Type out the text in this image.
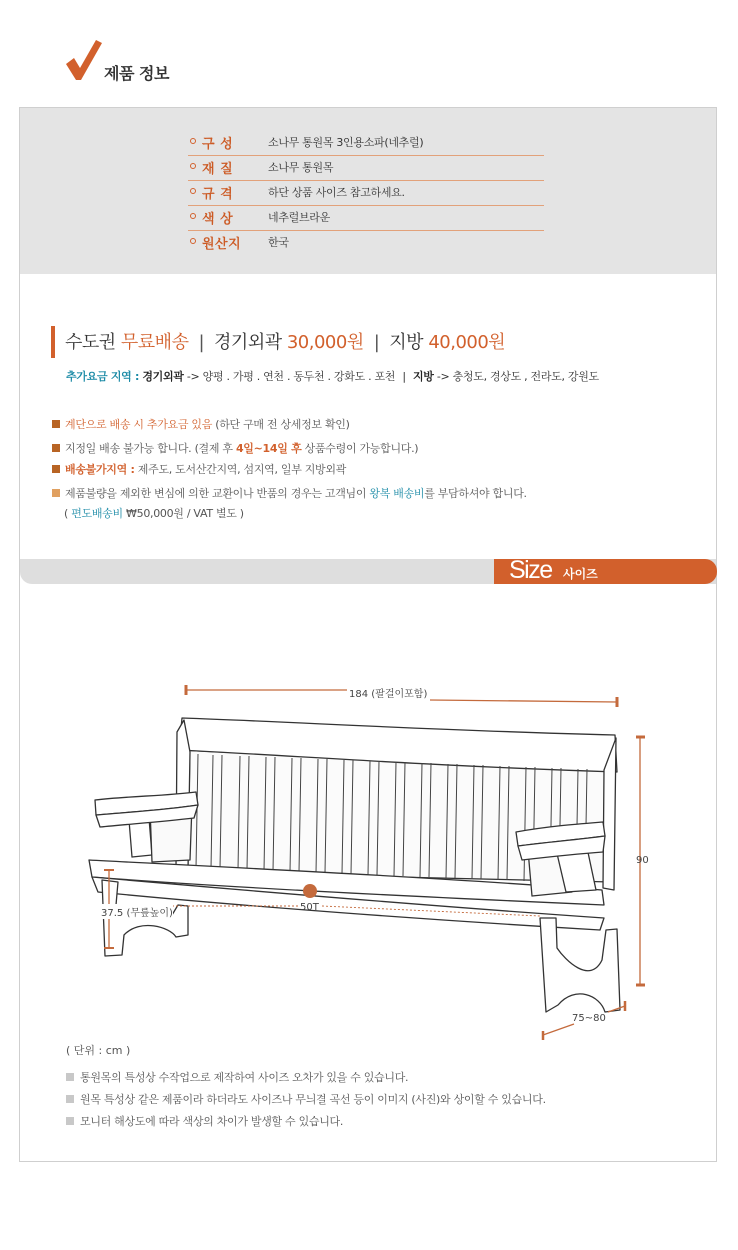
제품 정보
구 성	소나무 통원목 3인용소파(네추럴)
재 질	소나무 통원목
규 격	하단 상품 사이즈 참고하세요.
색 상	네추럴브라운
원산지 한국
수도권 무료배송 | 경기외곽 30,000원 | 지방 40,000원
추가요금 지역 : 경기외곽 -> 양평 . 가평 . 연천 . 동두천 . 강화도 . 포천 | 지방 -> 충청도, 경상도 , 전라도, 강원도
계단으로 배송 시 추가요금 있음 (하단 구매 전 상세정보 확인)
지정일 배송 불가능 합니다. (결제 후 4일~14일 후 상품수령이 가능합니다.)
배송불가지역 : 제주도, 도서산간지역, 섬지역, 일부 지방외곽
제품불량을 제외한 변심에 의한 교환이나 반품의 경우는 고객님이 왕복 배송비를 부담하셔야 합니다.
( 편도배송비 ₩50,000원 / VAT 별도 )
Size 사이즈
184 (팔걸이포함)
90
37.5 (무릎높이)
50T
75~80
( 단위 : cm )
통원목의 특성상 수작업으로 제작하여 사이즈 오차가 있을 수 있습니다.
원목 특성상 같은 제품이라 하더라도 사이즈나 무늬결 곡선 등이 이미지 (사진)와 상이할 수 있습니다.
모니터 해상도에 따라 색상의 차이가 발생할 수 있습니다.
